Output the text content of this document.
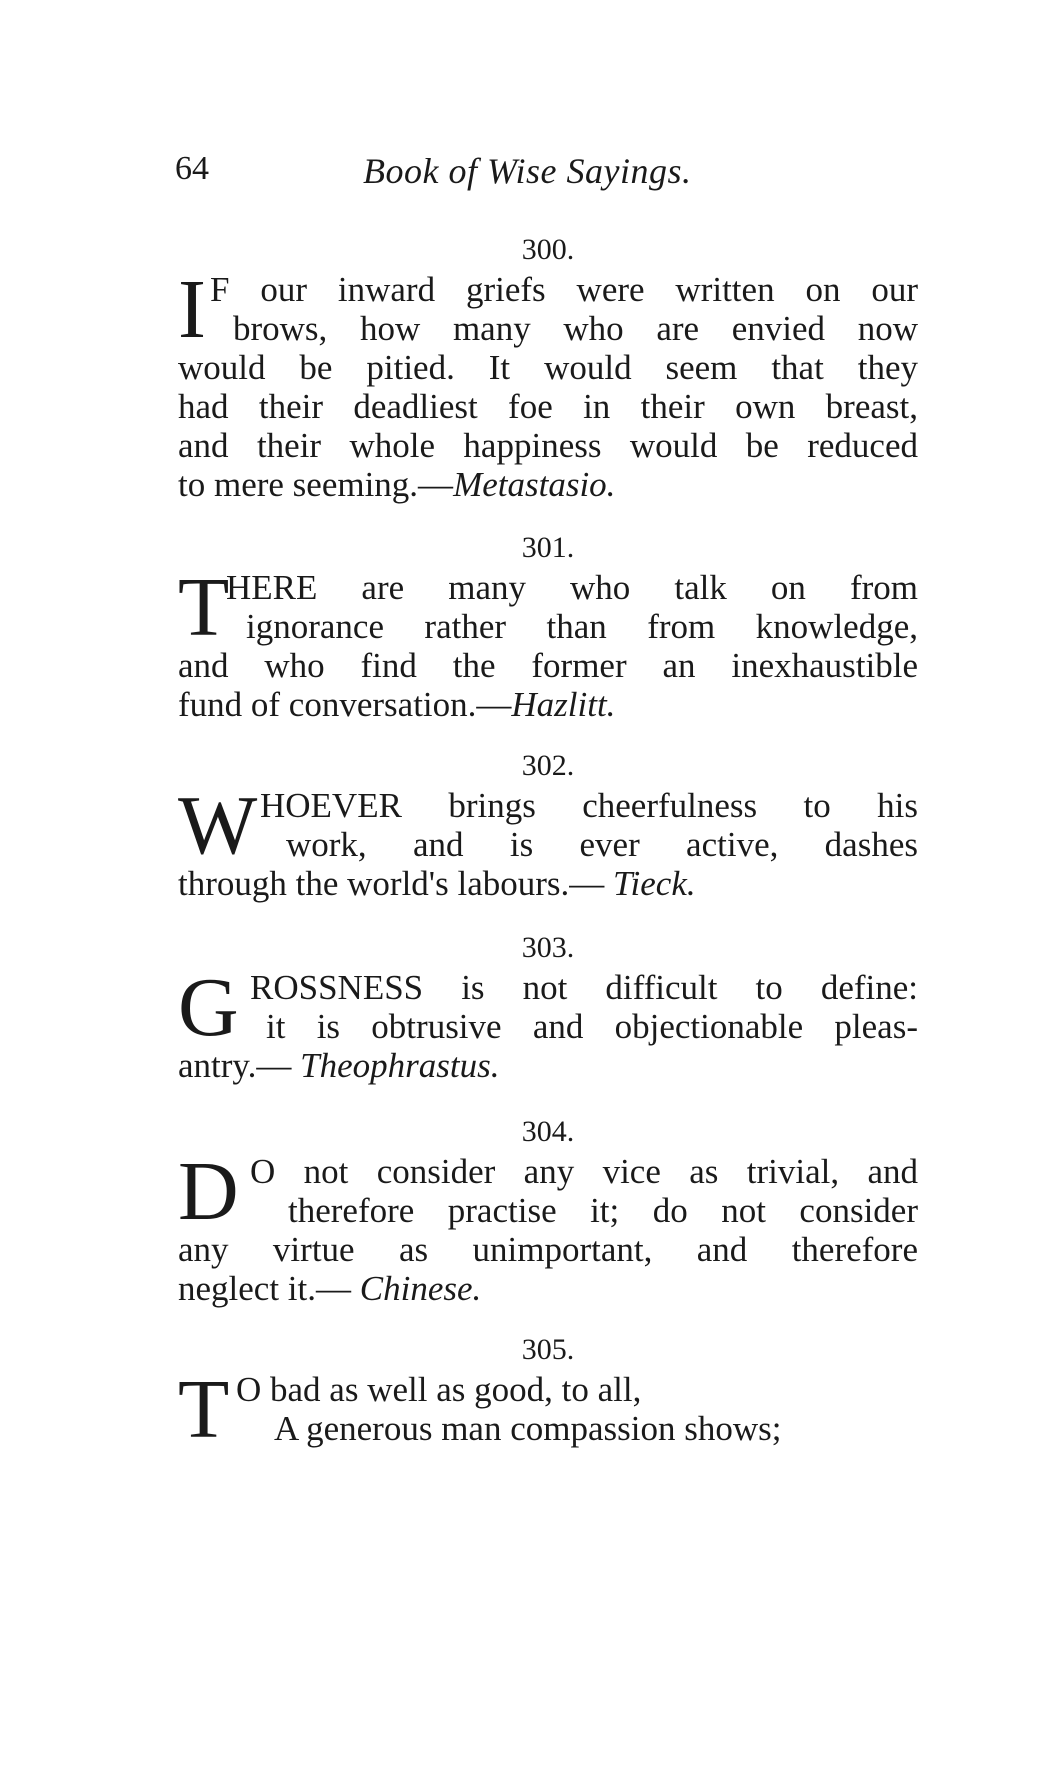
64	Book of Wise Sayings.
300.
I F our inward griefs were written on our
brows, how many who are envied now
would be pitied. It would seem that they
had their deadliest foe in their own breast,
and their whole happiness would be reduced
to mere seeming.—Metastasio.
301.
T
HERE are many who talk on from
ignorance rather than from knowledge,
and who find the former an inexhaustible
fund of conversation.—Hazlitt.
302.
W HOEVER brings cheerfulness to his
work, and is ever active, dashes
through the world's labours.— Tieck.
303.
G ROSSNESS is not difficult to define:
it is obtrusive and objectionable pleas-
antry.— Theophrastus.
304.
D O not consider any vice as trivial, and
therefore practise it; do not consider
any virtue as unimportant, and therefore
neglect it.— Chinese.
305.
T O bad as well as good, to all,
A generous man compassion shows;
